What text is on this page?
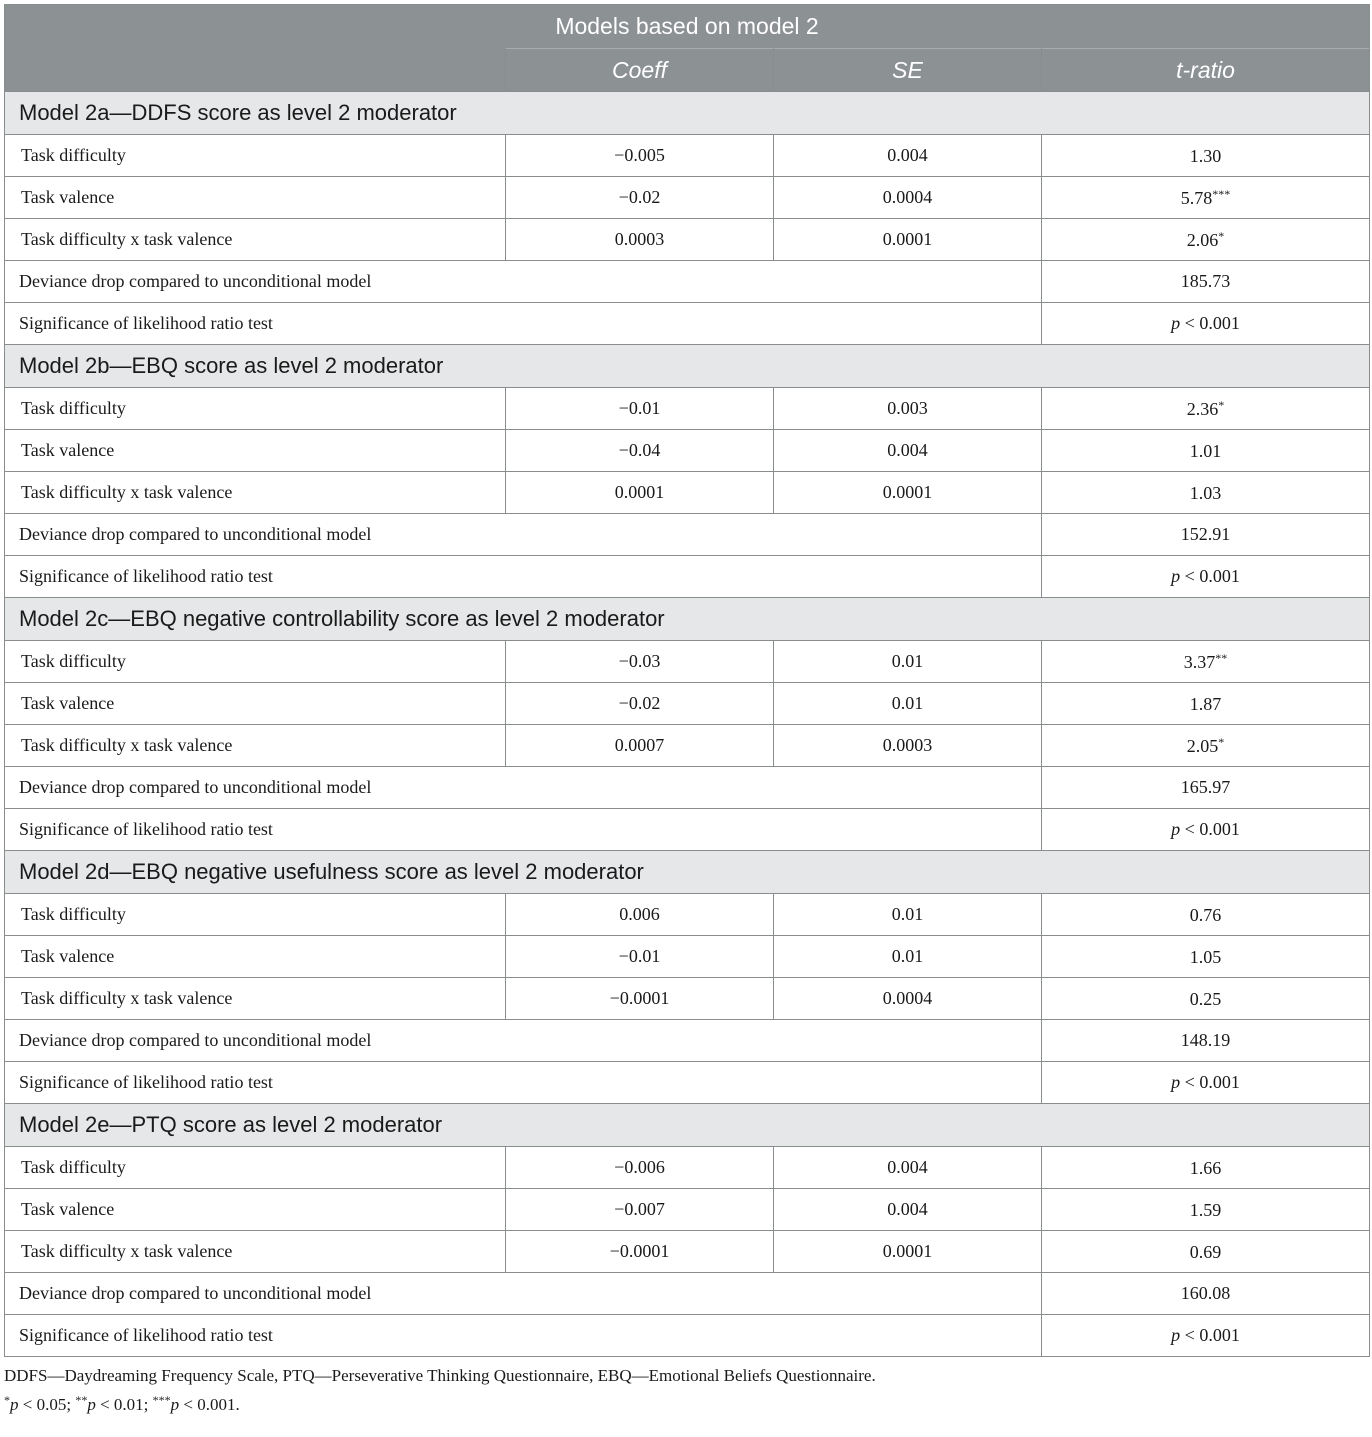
Models based on model 2			
	Coeff	SE	t-ratio
Model 2a—DDFS score as level 2 moderator			
Task difficulty	−0.005	0.004	1.30
Task valence	−0.02	0.0004	5.78***
Task difficulty x task valence	0.0003	0.0001	2.06*
Deviance drop compared to unconditional model			185.73
Significance of likelihood ratio test			p < 0.001
Model 2b—EBQ score as level 2 moderator			
Task difficulty	−0.01	0.003	2.36*
Task valence	−0.04	0.004	1.01
Task difficulty x task valence	0.0001	0.0001	1.03
Deviance drop compared to unconditional model			152.91
Significance of likelihood ratio test			p < 0.001
Model 2c—EBQ negative controllability score as level 2 moderator			
Task difficulty	−0.03	0.01	3.37**
Task valence	−0.02	0.01	1.87
Task difficulty x task valence	0.0007	0.0003	2.05*
Deviance drop compared to unconditional model			165.97
Significance of likelihood ratio test			p < 0.001
Model 2d—EBQ negative usefulness score as level 2 moderator			
Task difficulty	0.006	0.01	0.76
Task valence	−0.01	0.01	1.05
Task difficulty x task valence	−0.0001	0.0004	0.25
Deviance drop compared to unconditional model			148.19
Significance of likelihood ratio test			p < 0.001
Model 2e—PTQ score as level 2 moderator			
Task difficulty	−0.006	0.004	1.66
Task valence	−0.007	0.004	1.59
Task difficulty x task valence	−0.0001	0.0001	0.69
Deviance drop compared to unconditional model			160.08
Significance of likelihood ratio test			p < 0.001
DDFS—Daydreaming Frequency Scale, PTQ—Perseverative Thinking Questionnaire, EBQ—Emotional Beliefs Questionnaire.
*p < 0.05; **p < 0.01; ***p < 0.001.
